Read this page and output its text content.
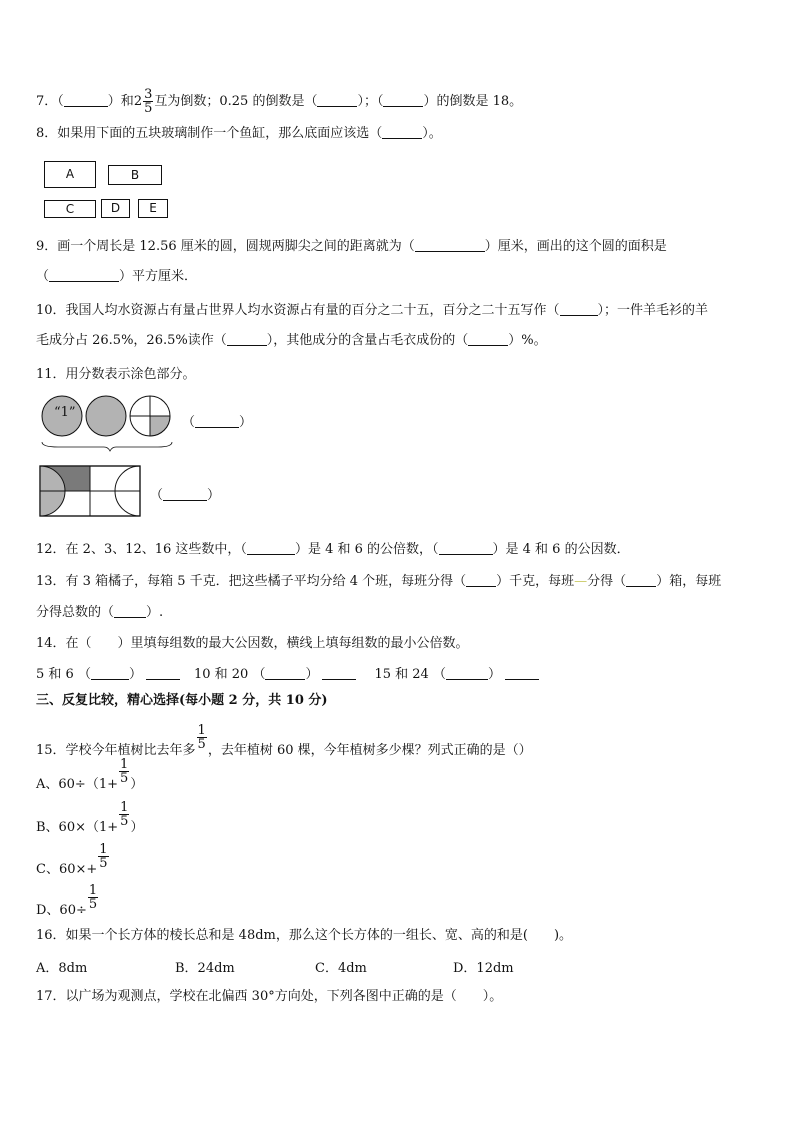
7．（	）和$2 \frac{3}{5}$ 互为倒数；0.25 的倒数是（	）；（	）的倒数是 18。
8．如果用下面的五块玻璃制作一个鱼缸，那么底面应该选（	）。
A	B
C	D	E
9．画一个周长是 12.56 厘米的圆，圆规两脚尖之间的距离就为（	）厘米，画出的这个圆的面积是
（	）平方厘米．
10．我国人均水资源占有量占世界人均水资源占有量的百分之二十五，百分之二十五写作（	）；一件羊毛衫的羊
毛成分占 26.5%，26.5%读作（	），其他成分的含量占毛衣成份的（	）%。
11．用分数表示涂色部分。
“1”
（	）
（	）
12．在 2、3、12、16 这些数中，（	）是 4 和 6 的公倍数，（	）是 4 和 6 的公因数．
13．有 3 箱橘子，每箱 5 千克．把这些橘子平均分给 4 个班，每班分得（ ）千克，每班—分得（ ）箱，每班
分得总数的（ ）.
14．在（　　）里填每组数的最大公因数，横线上填每组数的最小公倍数。
5 和 6 （	）	10 和 20 （	）	15 和 24 （	）
三、反复比较，精心选择(每小题 2 分，共 10 分)
15．学校今年植树比去年多 $\frac{1}{5}$ ，去年植树 60 棵，今年植树多少棵？列式正确的是（）
A、$60\div(1+ \frac{1}{5}$ ）
B、$60\times(1+ \frac{1}{5}$ ）
C、$60\times+ \frac{1}{5}$
D、$60\div \frac{1}{5}$
16．如果一个长方体的棱长总和是 48dm，那么这个长方体的一组长、宽、高的和是(　　)。
A．8dm	B．24dm	C．4dm	D．12dm
17．以广场为观测点，学校在北偏西 30°方向处，下列各图中正确的是（　　）。
